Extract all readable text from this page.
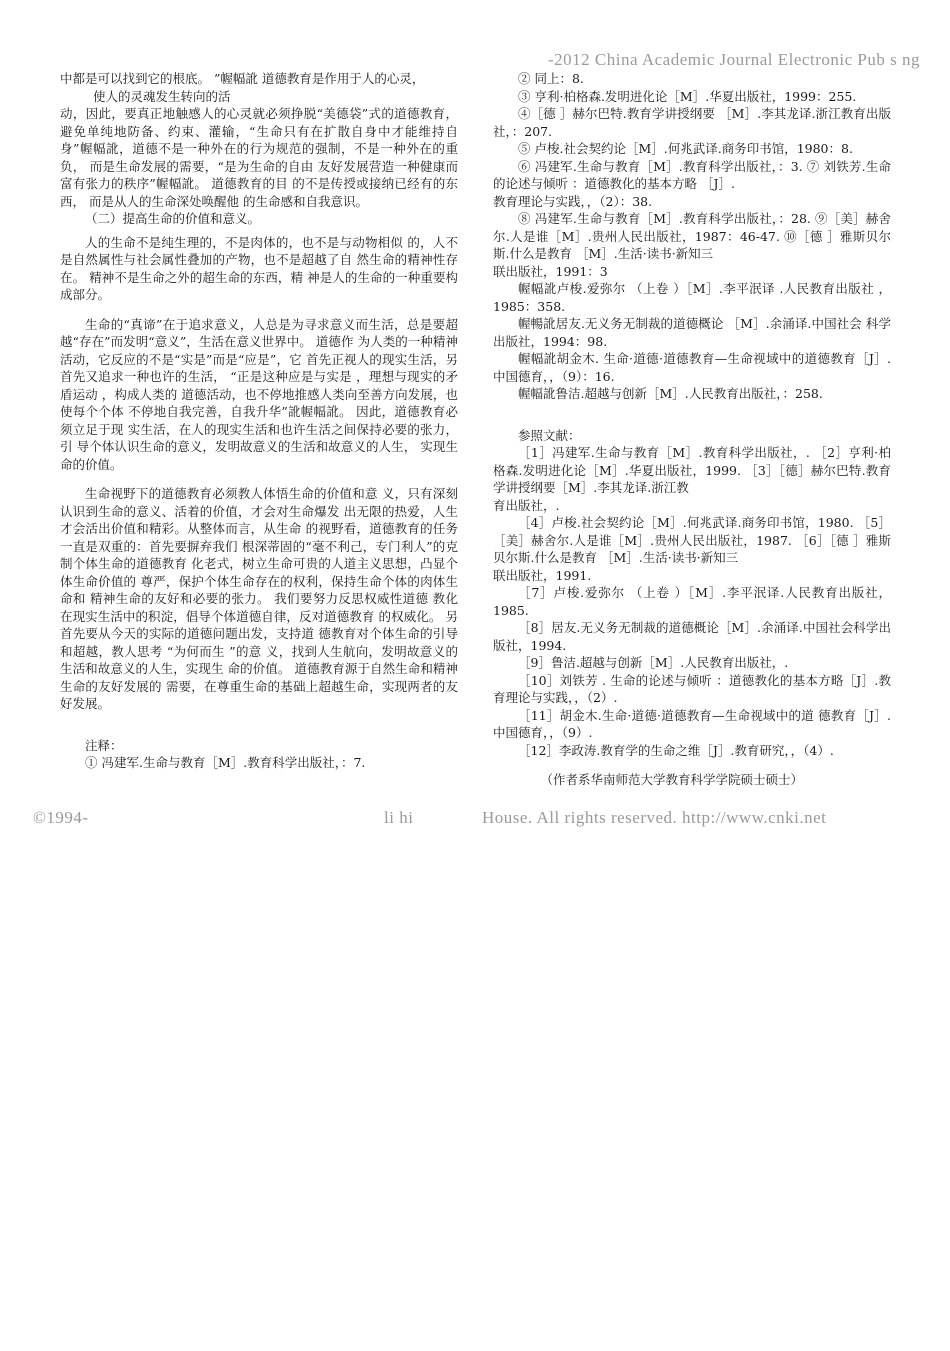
-2012 China Academic Journal Electronic Pub s ng

中都是可以找到它的根底。 ”幄幅訛 道德教育是作用于人的心灵，

使人的灵魂发生转向的活

动，因此，要真正地触感人的心灵就必须挣脱“美德袋”式的道德教育，避免单纯地防备、约束、灌输，“生命只有在扩散自身中才能维持自身”幄幅訛，道德不是一种外在的行为规范的强制，不是一种外在的重负， 而是生命发展的需要，“是为生命的自由 友好发展营造一种健康而富有张力的秩序”幄幅訛。 道德教育的目 的不是传授或接纳已经有的东西， 而是从人的生命深处唤醒他 的生命感和自我意识。

（二）提高生命的价值和意义。

人的生命不是纯生理的，不是肉体的，也不是与动物相似 的，人不是自然属性与社会属性叠加的产物，也不是超越了自 然生命的精神性存在。 精神不是生命之外的超生命的东西，精 神是人的生命的一种重要构成部分。

生命的“真谛”在于追求意义，人总是为寻求意义而生活，总是要超越“存在”而发明“意义”，生活在意义世界中。 道德作 为人类的一种精神活动，它反应的不是“实是”而是“应是”，它 首先正视人的现实生活，另首先又追求一种也许的生活， “正是这种应是与实是 ，理想与现实的矛盾运动 ，构成人类的 道德活动，也不停地推感人类向至善方向发展，也使每个个体 不停地自我完善，自我升华”訛幄幅訛。 因此，道德教育必须立足于现 实生活，在人的现实生活和也许生活之间保持必要的张力，引 导个体认识生命的意义，发明故意义的生活和故意义的人生， 实现生命的价值。

生命视野下的道德教育必须教人体悟生命的价值和意 义，只有深刻认识到生命的意义、活着的价值，才会对生命爆发 出无限的热爱，人生才会活出价值和精彩。从整体而言，从生命 的视野看，道德教育的任务一直是双重的：首先要摒弃我们 根深蒂固的“毫不利己，专门利人”的克制个体生命的道德教育 化老式，树立生命可贵的人道主义思想，凸显个体生命价值的 尊严，保护个体生命存在的权利，保持生命个体的肉体生命和 精神生命的友好和必要的张力。 我们要努力反思权威性道德 教化在现实生活中的积淀，倡导个体道德自律，反对道德教育 的权威化。 另首先要从今天的实际的道德问题出发，支持道 德教育对个体生命的引导和超越，教人思考 “为何而生 ”的意 义，找到人生航向，发明故意义的生活和故意义的人生，实现生 命的价值。 道德教育源于自然生命和精神生命的友好发展的 需要，在尊重生命的基础上超越生命，实现两者的友好发展。

注释：

① 冯建军.生命与教育［M］.教育科学出版社，：7.

② 同上：8.

③ 亨利·柏格森.发明进化论［M］.华夏出版社，1999：255.

④［德 ］赫尔巴特.教育学讲授纲要 ［M］.李其龙译.浙江教育出版社，：207.

⑤ 卢梭.社会契约论［M］.何兆武译.商务印书馆，1980：8.

⑥ 冯建军.生命与教育［M］.教育科学出版社，：3. ⑦ 刘铁芳.生命的论述与倾听 ：道德教化的基本方略 ［J］.

教育理论与实践，，（2）：38.

⑧ 冯建军.生命与教育［M］.教育科学出版社，：28. ⑨［美］赫舍尔.人是谁［M］.贵州人民出版社，1987：46-47. ⑩［德 ］雅斯贝尔斯.什么是教育 ［M］.生活·读书·新知三

联出版社，1991：3

幄幅訛卢梭.爱弥尔 （上卷 ）［M］.李平泯译 .人民教育出版社 ，1985：358.

幄暢訛居友.无义务无制裁的道德概论 ［M］.余涌译.中国社会 科学出版社，1994：98.

幄幅訛胡金木. 生命·道德·道德教育—生命视域中的道德教育［J］.中国德育，，（9）：16.

幄幅訛鲁洁.超越与创新［M］.人民教育出版社，：258.

参照文献：

［1］冯建军.生命与教育［M］.教育科学出版社，. ［2］亨利·柏格森.发明进化论［M］.华夏出版社，1999. ［3］［德］赫尔巴特.教育学讲授纲要［M］.李其龙译.浙江教

育出版社，.

［4］卢梭.社会契约论［M］.何兆武译.商务印书馆，1980. ［5］［美］赫舍尔.人是谁［M］.贵州人民出版社，1987. ［6］［德 ］雅斯贝尔斯.什么是教育 ［M］.生活·读书·新知三

联出版社，1991.

［7］卢梭.爱弥尔 （上卷 ）［M］.李平泯译.人民教育出版社，1985.

［8］居友.无义务无制裁的道德概论［M］.余涌译.中国社会科学出版社，1994.

［9］鲁洁.超越与创新［M］.人民教育出版社，.

［10］刘铁芳 . 生命的论述与倾听 ：道德教化的基本方略［J］.教育理论与实践，，（2）.

［11］胡金木.生命·道德·道德教育—生命视域中的道 德教育［J］.中国德育，，（9）.

［12］李政涛.教育学的生命之维［J］.教育研究，，（4）.

（作者系华南师范大学教育科学学院硕士硕士）

©1994-	li hi	House. All rights reserved. http://www.cnki.net
